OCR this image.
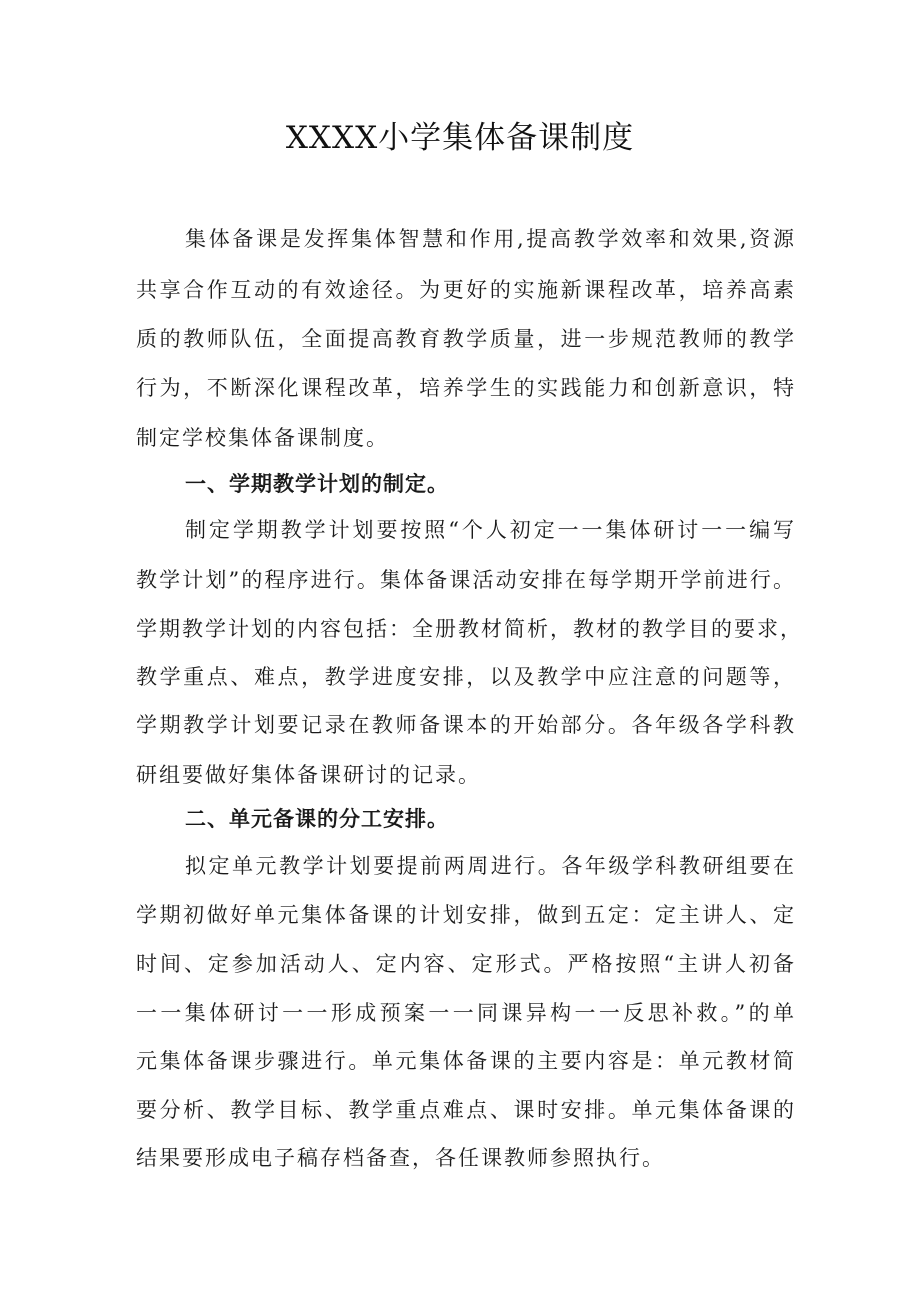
XXXX小学集体备课制度

集体备课是发挥集体智慧和作用,提高教学效率和效果,资源

共享合作互动的有效途径。为更好的实施新课程改革，培养高素

质的教师队伍，全面提高教育教学质量，进一步规范教师的教学

行为，不断深化课程改革，培养学生的实践能力和创新意识，特

制定学校集体备课制度。

一、学期教学计划的制定。

制定学期教学计划要按照“个人初定一一集体研讨一一编写

教学计划”的程序进行。集体备课活动安排在每学期开学前进行。

学期教学计划的内容包括：全册教材简析，教材的教学目的要求，

教学重点、难点，教学进度安排，以及教学中应注意的问题等，

学期教学计划要记录在教师备课本的开始部分。各年级各学科教

研组要做好集体备课研讨的记录。

二、单元备课的分工安排。

拟定单元教学计划要提前两周进行。各年级学科教研组要在

学期初做好单元集体备课的计划安排，做到五定：定主讲人、定

时间、定参加活动人、定内容、定形式。严格按照“主讲人初备

一一集体研讨一一形成预案一一同课异构一一反思补救。”的单

元集体备课步骤进行。单元集体备课的主要内容是：单元教材简

要分析、教学目标、教学重点难点、课时安排。单元集体备课的

结果要形成电子稿存档备查，各任课教师参照执行。
